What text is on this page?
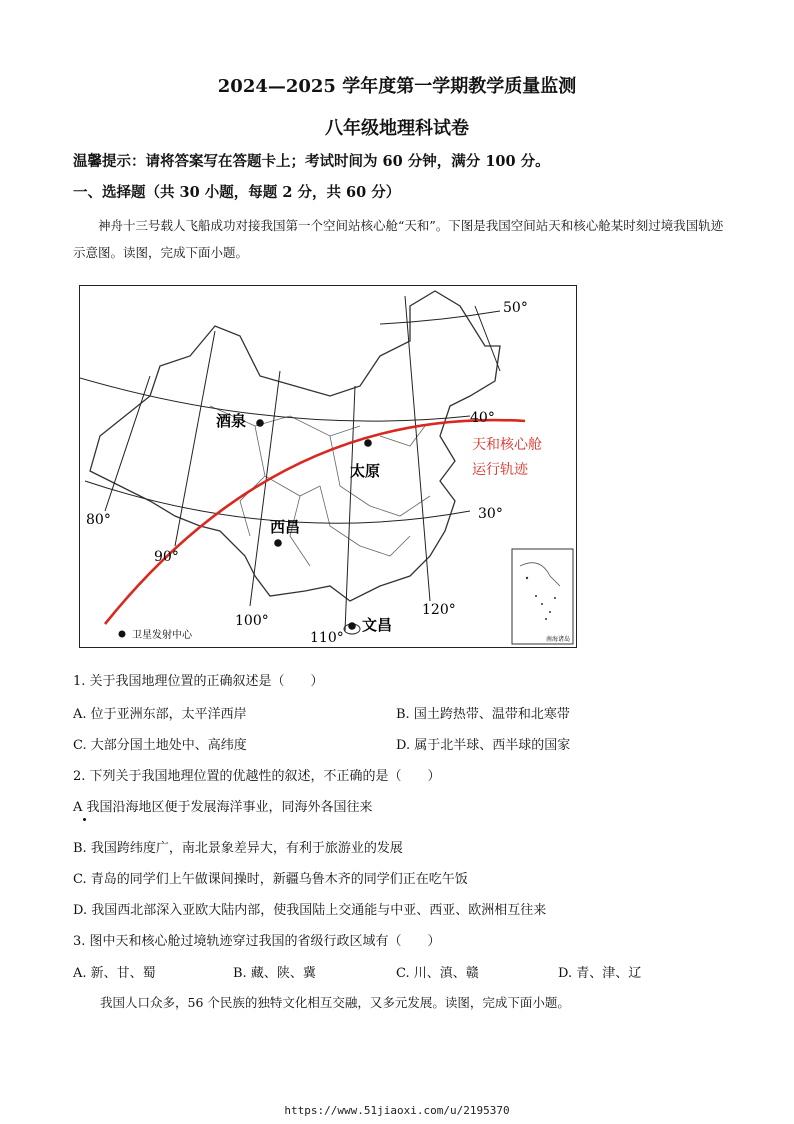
2024—2025 学年度第一学期教学质量监测
八年级地理科试卷
温馨提示：请将答案写在答题卡上；考试时间为 60 分钟，满分 100 分。
一、选择题（共 30 小题，每题 2 分，共 60 分）
神舟十三号载人飞船成功对接我国第一个空间站核心舱“天和”。下图是我国空间站天和核心舱某时刻过境我国轨迹示意图。读图，完成下面小题。
酒泉
太原
西昌
文昌
天和核心舱
运行轨迹
50°
40°
30°
80°
90°
100°
110°
120°
卫星发射中心	南海诸岛
1. 关于我国地理位置的正确叙述是（　　）
A. 位于亚洲东部，太平洋西岸	B. 国土跨热带、温带和北寒带
C. 大部分国土地处中、高纬度	D. 属于北半球、西半球的国家
2. 下列关于我国地理位置的优越性的叙述，不正确的是（　　）
A 我国沿海地区便于发展海洋事业，同海外各国往来
B. 我国跨纬度广，南北景象差异大，有利于旅游业的发展
C. 青岛的同学们上午做课间操时，新疆乌鲁木齐的同学们正在吃午饭
D. 我国西北部深入亚欧大陆内部，使我国陆上交通能与中亚、西亚、欧洲相互往来
3. 图中天和核心舱过境轨迹穿过我国的省级行政区域有（　　）
A. 新、甘、蜀	B. 藏、陕、冀	C. 川、滇、赣	D. 青、津、辽
我国人口众多，56 个民族的独特文化相互交融，又多元发展。读图，完成下面小题。
https://www.51jiaoxi.com/u/2195370
